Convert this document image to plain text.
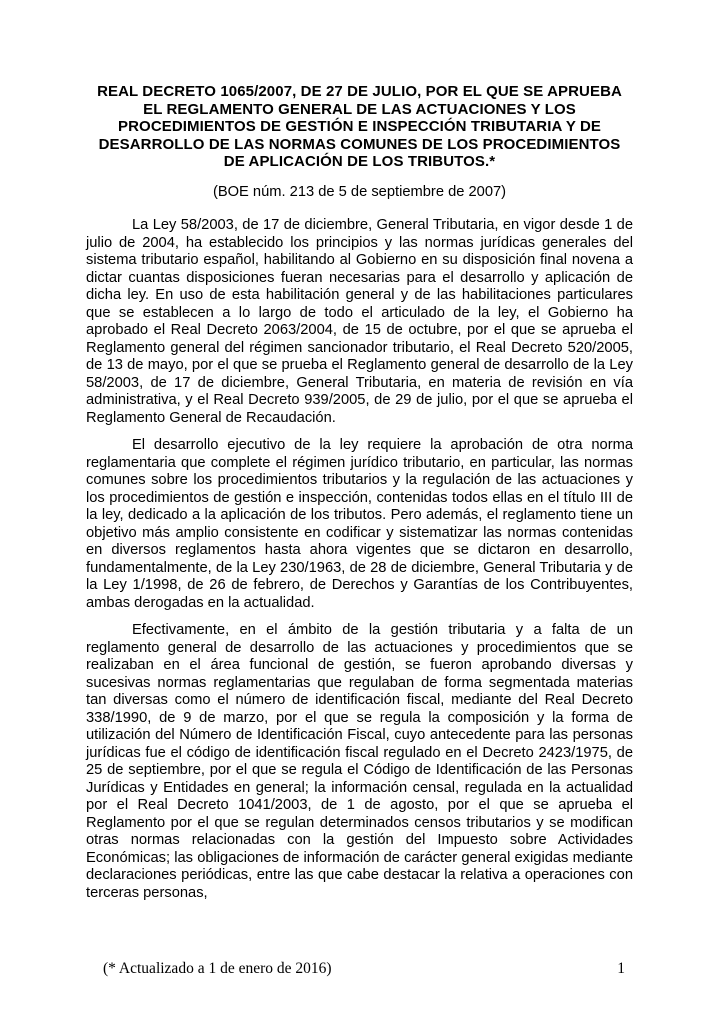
REAL DECRETO 1065/2007, DE 27 DE JULIO, POR EL QUE SE APRUEBA
EL REGLAMENTO GENERAL DE LAS ACTUACIONES Y LOS
PROCEDIMIENTOS DE GESTIÓN E INSPECCIÓN TRIBUTARIA Y DE
DESARROLLO DE LAS NORMAS COMUNES DE LOS PROCEDIMIENTOS
DE APLICACIÓN DE LOS TRIBUTOS.*
(BOE núm. 213 de 5 de septiembre de 2007)

La Ley 58/2003, de 17 de diciembre, General Tributaria, en vigor desde 1 de julio de 2004, ha establecido los principios y las normas jurídicas generales del sistema tributario español, habilitando al Gobierno en su disposición final novena a dictar cuantas disposiciones fueran necesarias para el desarrollo y aplicación de dicha ley. En uso de esta habilitación general y de las habilitaciones particulares que se establecen a lo largo de todo el articulado de la ley, el Gobierno ha aprobado el Real Decreto 2063/2004, de 15 de octubre, por el que se aprueba el Reglamento general del régimen sancionador tributario, el Real Decreto 520/2005, de 13 de mayo, por el que se prueba el Reglamento general de desarrollo de la Ley 58/2003, de 17 de diciembre, General Tributaria, en materia de revisión en vía administrativa, y el Real Decreto 939/2005, de 29 de julio, por el que se aprueba el Reglamento General de Recaudación.

El desarrollo ejecutivo de la ley requiere la aprobación de otra norma reglamentaria que complete el régimen jurídico tributario, en particular, las normas comunes sobre los procedimientos tributarios y la regulación de las actuaciones y los procedimientos de gestión e inspección, contenidas todos ellas en el título III de la ley, dedicado a la aplicación de los tributos. Pero además, el reglamento tiene un objetivo más amplio consistente en codificar y sistematizar las normas contenidas en diversos reglamentos hasta ahora vigentes que se dictaron en desarrollo, fundamentalmente, de la Ley 230/1963, de 28 de diciembre, General Tributaria y de la Ley 1/1998, de 26 de febrero, de Derechos y Garantías de los Contribuyentes, ambas derogadas en la actualidad.

Efectivamente, en el ámbito de la gestión tributaria y a falta de un reglamento general de desarrollo de las actuaciones y procedimientos que se realizaban en el área funcional de gestión, se fueron aprobando diversas y sucesivas normas reglamentarias que regulaban de forma segmentada materias tan diversas como el número de identificación fiscal, mediante del Real Decreto 338/1990, de 9 de marzo, por el que se regula la composición y la forma de utilización del Número de Identificación Fiscal, cuyo antecedente para las personas jurídicas fue el código de identificación fiscal regulado en el Decreto 2423/1975, de 25 de septiembre, por el que se regula el Código de Identificación de las Personas Jurídicas y Entidades en general; la información censal, regulada en la actualidad por el Real Decreto 1041/2003, de 1 de agosto, por el que se aprueba el Reglamento por el que se regulan determinados censos tributarios y se modifican otras normas relacionadas con la gestión del Impuesto sobre Actividades Económicas; las obligaciones de información de carácter general exigidas mediante declaraciones periódicas, entre las que cabe destacar la relativa a operaciones con terceras personas,

(* Actualizado a 1 de enero de 2016)	1
